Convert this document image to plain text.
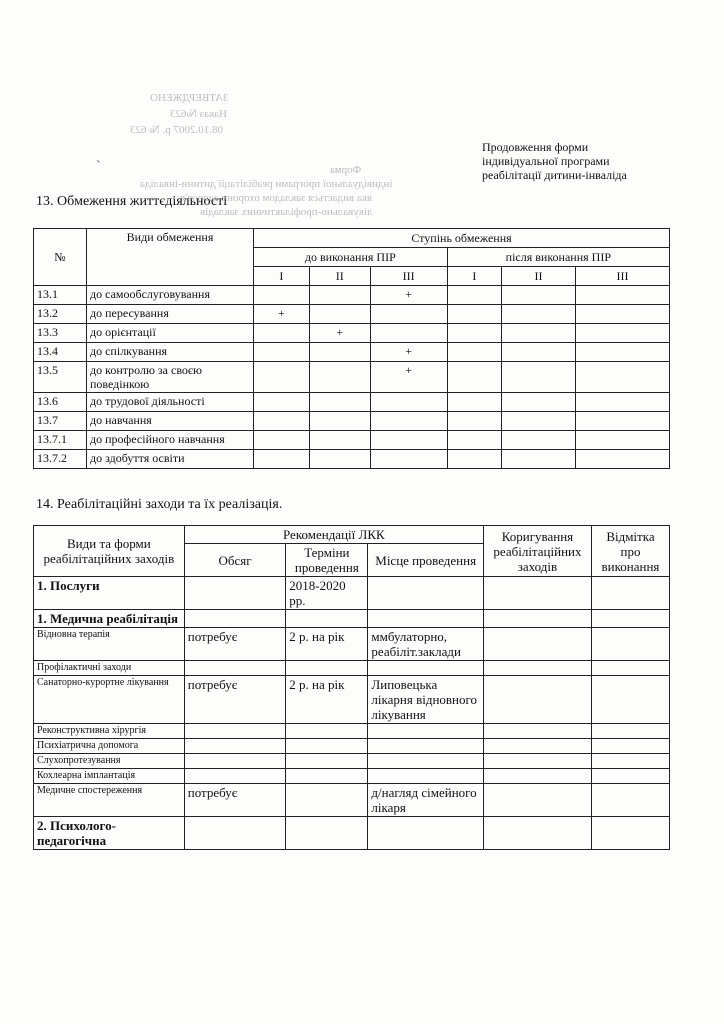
ЗАТВЕРДЖЕНО
Наказ №623
08.10.2007 р. № 623
Форма
індивідуальної програми реабілітації дитини-інваліда
яка видається закладом охорони здоров'я
лікувально-профілактичних закладів
˴
Продовження форми
індивідуальної програми
реабілітації дитини-інваліда
13. Обмеження життєдіяльності
№	Види обмеження	Ступінь обмеження					
		до виконання ПІР			після виконання ПІР		
		I	II	III	I	II	III
13.1	до самообслуговування			+			
13.2	до пересування	+					
13.3	до орієнтації		+				
13.4	до спілкування			+			
13.5	до контролю за своєю поведінкою			+			
13.6	до трудової діяльності						
13.7	до навчання						
13.7.1	до професійного навчання						
13.7.2	до здобуття освіти						
14. Реабілітаційні заходи та їх реалізація.
Види та форми реабілітаційних заходів	Рекомендації ЛКК			Коригування реабілітаційних заходів	Відмітка про виконання
	Обсяг	Терміни проведення	Місце проведення		
1. Послуги		2018-2020 рр.			
1. Медична реабілітація					
Відновна терапія	потребує	2 р. на рік	ммбулаторно, реабіліт.заклади		
Профілактичні заходи					
Санаторно-курортне лікування	потребує	2 р. на рік	Липовецька лікарня відновного лікування		
Реконструктивна хірургія					
Психіатрична допомога					
Слухопротезування					
Кохлеарна імплантація					
Медичне спостереження	потребує		д/нагляд сімейного лікаря		
2. Психолого-педагогічна					
